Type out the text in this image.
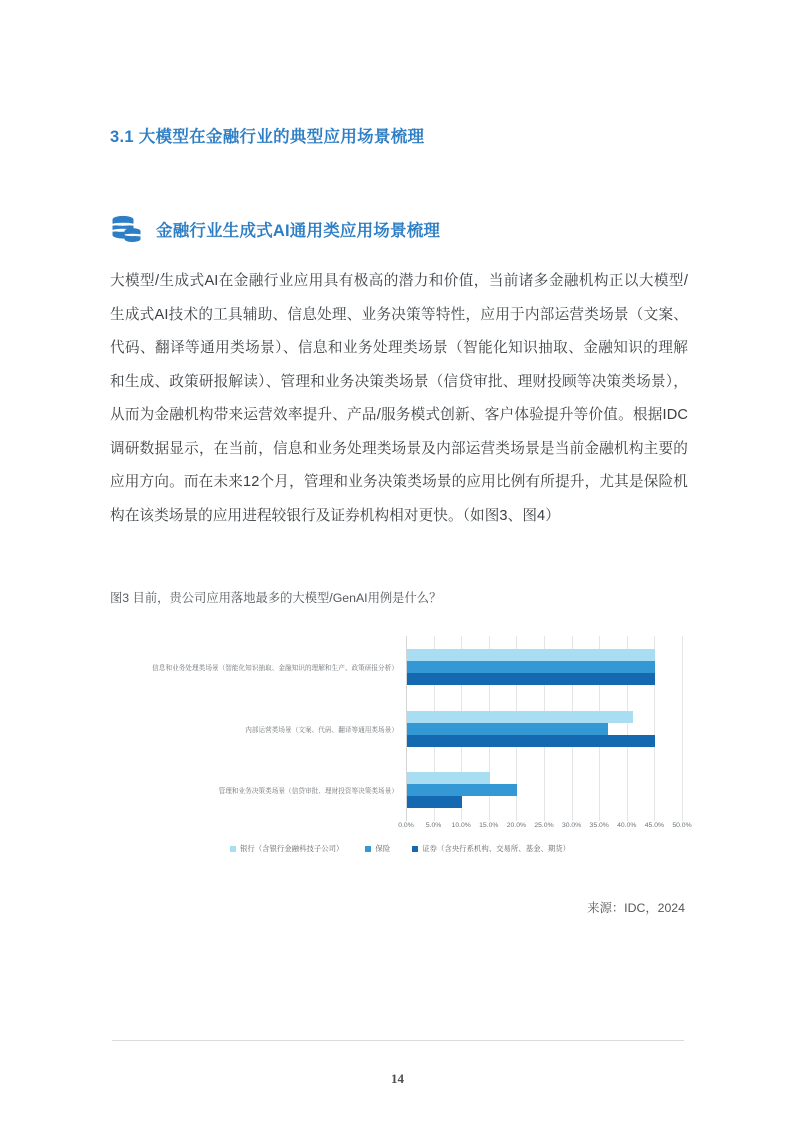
3.1 大模型在金融行业的典型应用场景梳理
金融行业生成式AI通用类应用场景梳理

大模型/生成式AI在金融行业应用具有极高的潜力和价值，当前诸多金融机构正以大模型/生成式AI技术的工具辅助、信息处理、业务决策等特性，应用于内部运营类场景（文案、代码、翻译等通用类场景）、信息和业务处理类场景（智能化知识抽取、金融知识的理解和生成、政策研报解读）、管理和业务决策类场景（信贷审批、理财投顾等决策类场景），从而为金融机构带来运营效率提升、产品/服务模式创新、客户体验提升等价值。根据IDC调研数据显示，在当前，信息和业务处理类场景及内部运营类场景是当前金融机构主要的应用方向。而在未来12个月，管理和业务决策类场景的应用比例有所提升，尤其是保险机构在该类场景的应用进程较银行及证券机构相对更快。（如图3、图4）

图3 目前，贵公司应用落地最多的大模型/GenAI用例是什么？
信息和业务处理类场景（智能化知识抽取、金融知识的理解和生产、政策研报分析）
内部运营类场景（文案、代码、翻译等通用类场景）
管理和业务决策类场景（信贷审批、理财投资等决策类场景）
0.0% 5.0% 10.0% 15.0% 20.0% 25.0% 30.0% 35.0% 40.0% 45.0% 50.0%
银行（含银行金融科技子公司）	保险	证券（含央行系机构、交易所、基金、期货）
来源：IDC，2024
14
